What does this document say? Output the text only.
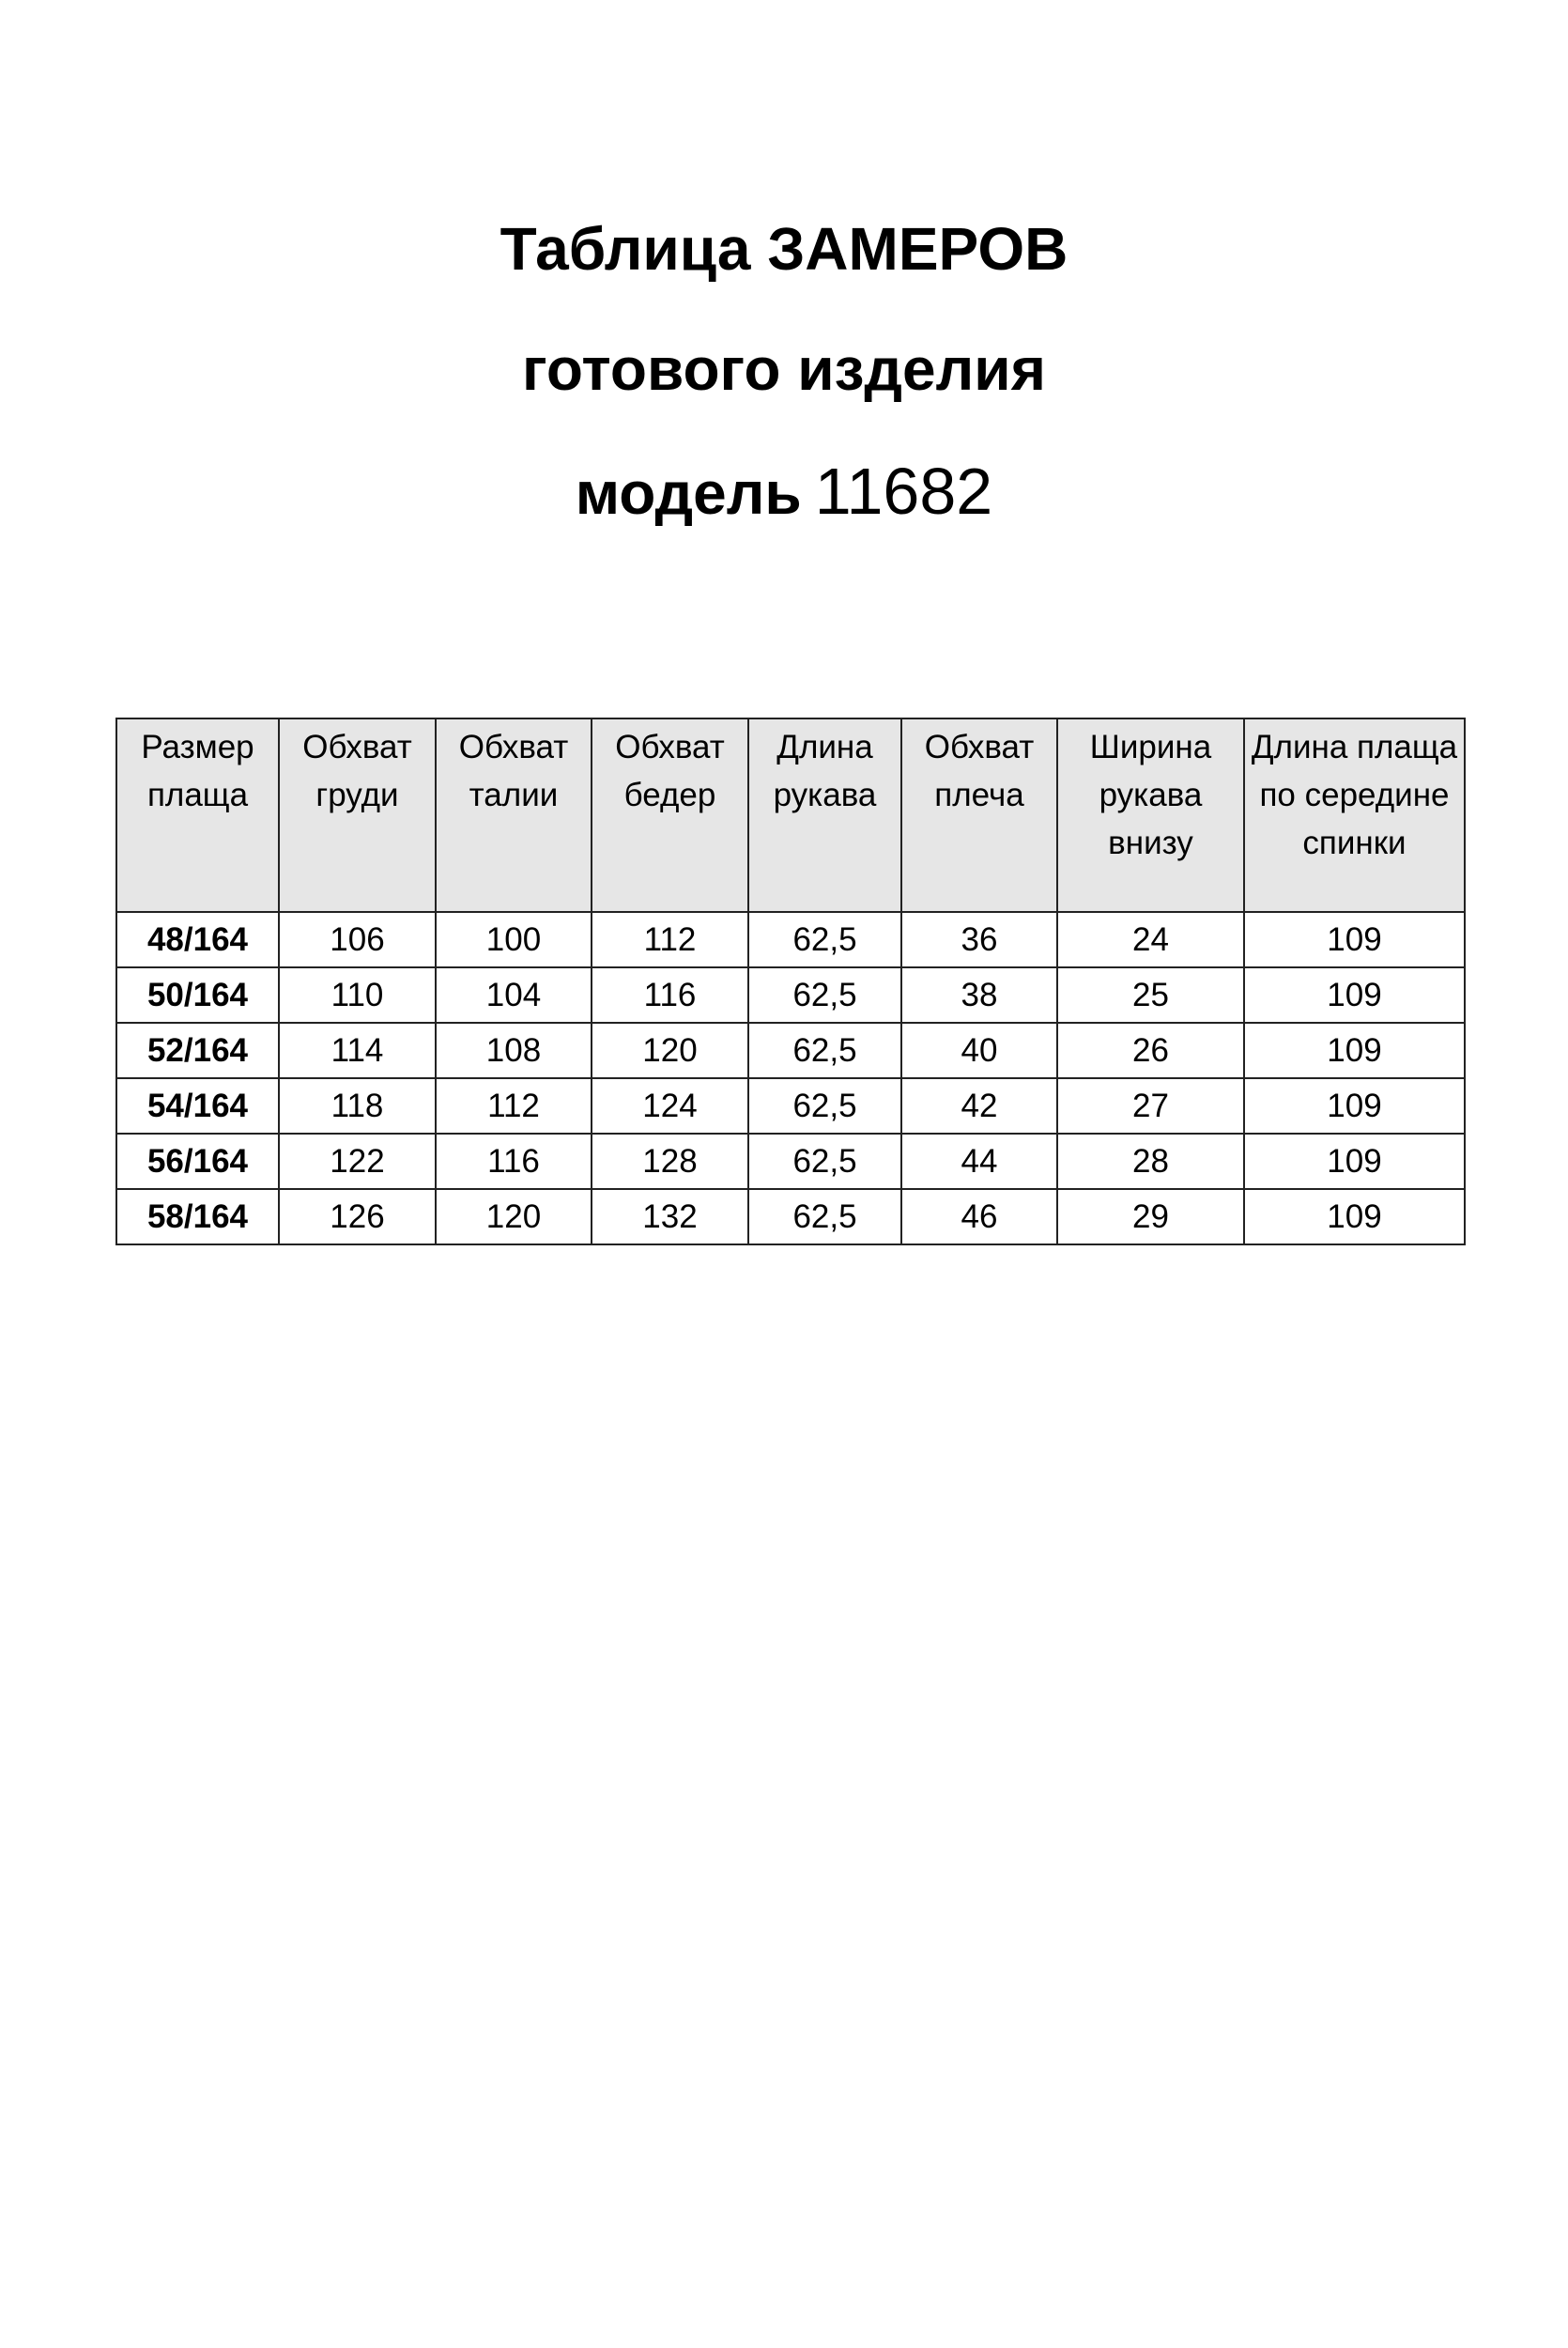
Таблица ЗАМЕРОВ
готового изделия
модель 11682
Размер плаща	Обхват груди	Обхват талии	Обхват бедер	Длина рукава	Обхват плеча	Ширина рукава внизу	Длина плаща по середине спинки
48/164	106	100	112	62,5	36	24	109
50/164	110	104	116	62,5	38	25	109
52/164	114	108	120	62,5	40	26	109
54/164	118	112	124	62,5	42	27	109
56/164	122	116	128	62,5	44	28	109
58/164	126	120	132	62,5	46	29	109
